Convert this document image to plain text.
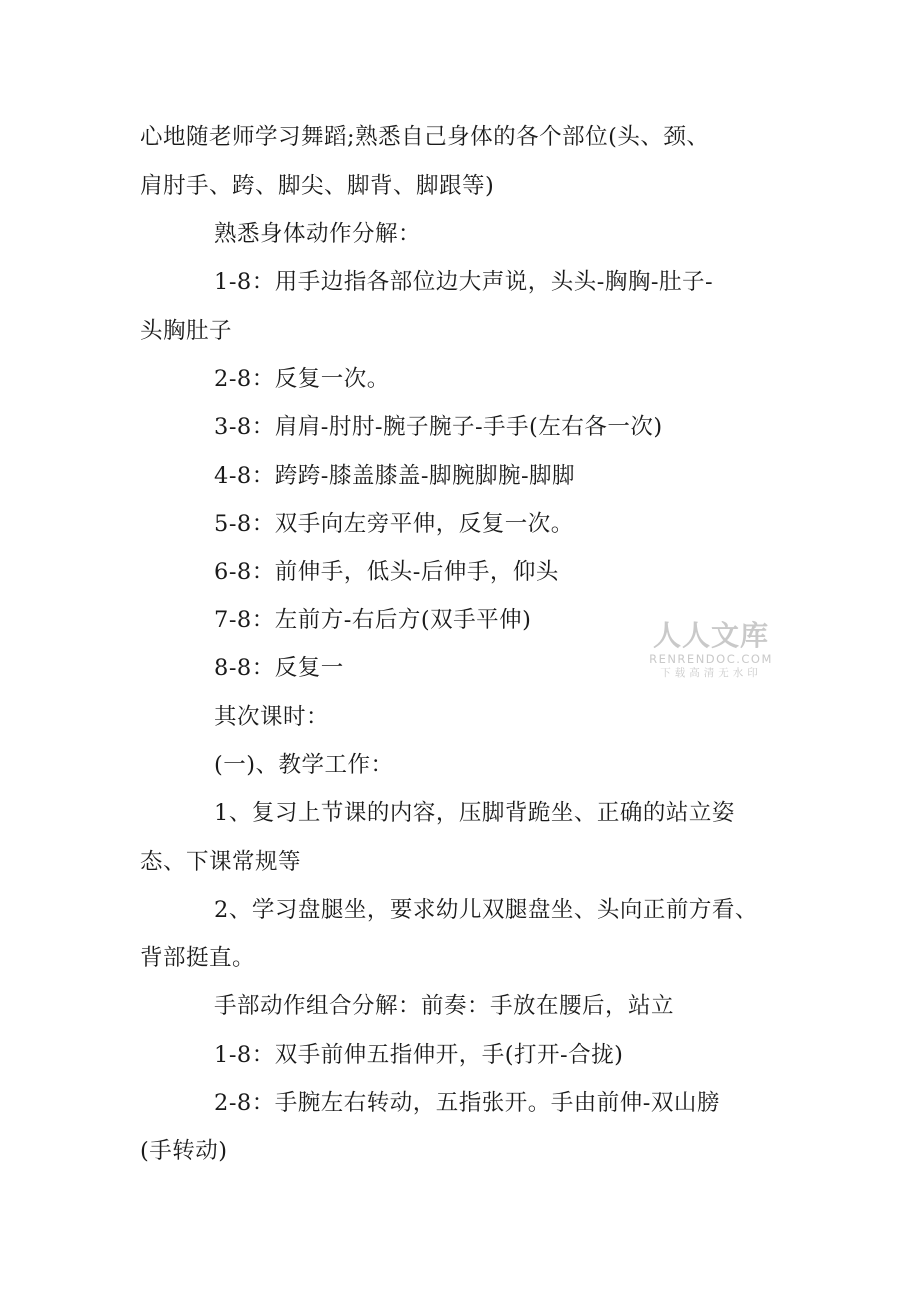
心地随老师学习舞蹈;熟悉自己身体的各个部位(头、颈、
肩肘手、跨、脚尖、脚背、脚跟等)
熟悉身体动作分解：
1-8：用手边指各部位边大声说，头头-胸胸-肚子-
头胸肚子
2-8：反复一次。
3-8：肩肩-肘肘-腕子腕子-手手(左右各一次)
4-8：跨跨-膝盖膝盖-脚腕脚腕-脚脚
5-8：双手向左旁平伸，反复一次。
6-8：前伸手，低头-后伸手，仰头
7-8：左前方-右后方(双手平伸)
8-8：反复一
其次课时：
(一)、教学工作：
1、复习上节课的内容，压脚背跪坐、正确的站立姿
态、下课常规等
2、学习盘腿坐，要求幼儿双腿盘坐、头向正前方看、
背部挺直。
手部动作组合分解：前奏：手放在腰后，站立
1-8：双手前伸五指伸开，手(打开-合拢)
2-8：手腕左右转动，五指张开。手由前伸-双山膀
(手转动)
人人文库
RENRENDOC.COM
下载高清无水印
